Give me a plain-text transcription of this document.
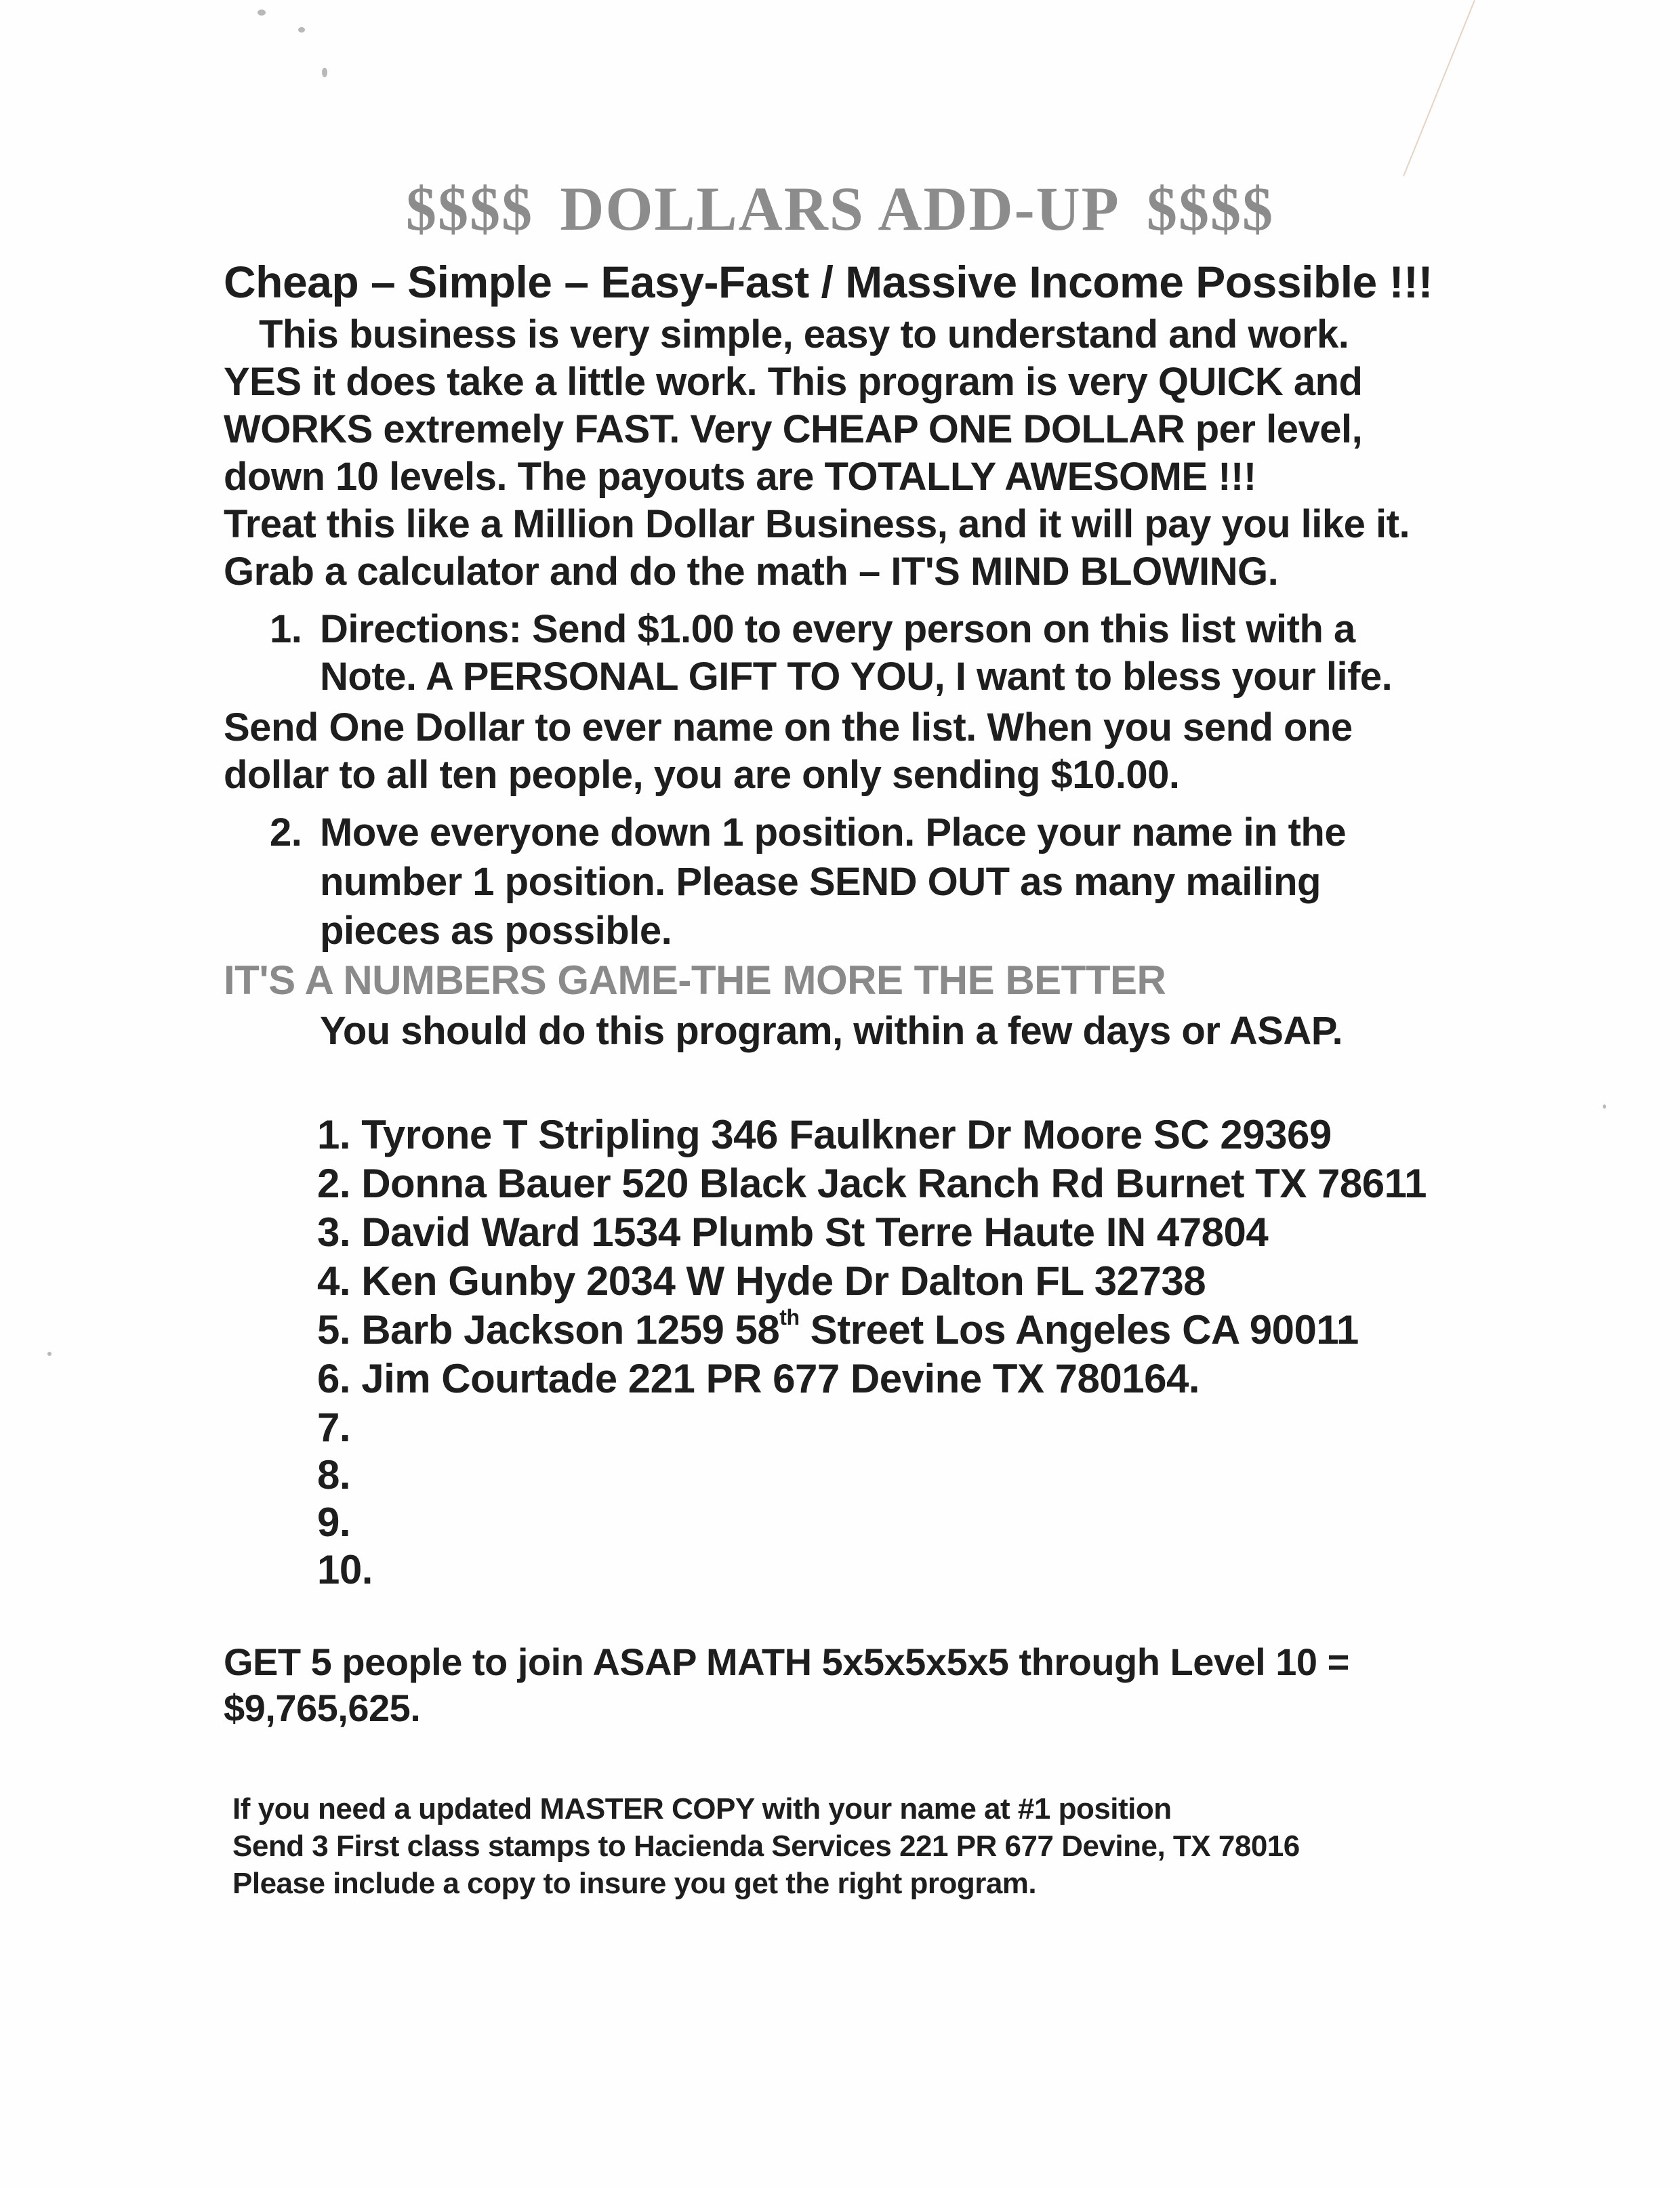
$$$$ DOLLARS ADD-UP $$$$
Cheap – Simple – Easy-Fast / Massive Income Possible !!!
This business is very simple, easy to understand and work.
YES it does take a little work. This program is very QUICK and
WORKS extremely FAST. Very CHEAP ONE DOLLAR per level,
down 10 levels. The payouts are TOTALLY AWESOME !!!
Treat this like a Million Dollar Business, and it will pay you like it.
Grab a calculator and do the math – IT'S MIND BLOWING.
1. Directions: Send $1.00 to every person on this list with a
Note. A PERSONAL GIFT TO YOU, I want to bless your life.
Send One Dollar to ever name on the list. When you send one
dollar to all ten people, you are only sending $10.00.
2. Move everyone down 1 position. Place your name in the
number 1 position. Please SEND OUT as many mailing
pieces as possible.
IT'S A NUMBERS GAME-THE MORE THE BETTER
You should do this program, within a few days or ASAP.
1. Tyrone T Stripling 346 Faulkner Dr Moore SC 29369
2. Donna Bauer 520 Black Jack Ranch Rd Burnet TX 78611
3. David Ward 1534 Plumb St Terre Haute IN 47804
4. Ken Gunby 2034 W Hyde Dr Dalton FL 32738
5. Barb Jackson 1259 58th Street Los Angeles CA 90011
6. Jim Courtade 221 PR 677 Devine TX 780164.
7.
8.
9.
10.
GET 5 people to join ASAP MATH 5x5x5x5x5 through Level 10 =
$9,765,625.
If you need a updated MASTER COPY with your name at #1 position
Send 3 First class stamps to Hacienda Services 221 PR 677 Devine, TX 78016
Please include a copy to insure you get the right program.
